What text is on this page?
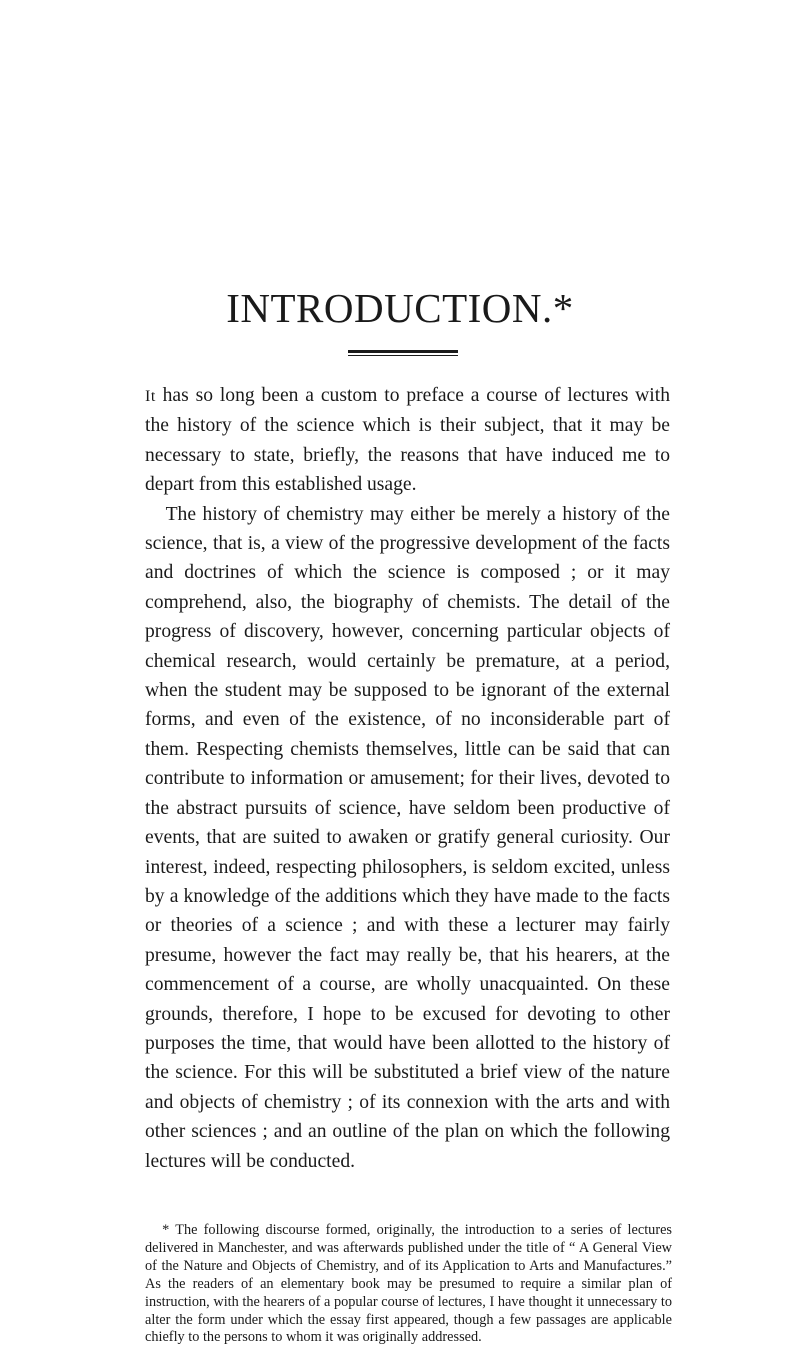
INTRODUCTION.*

It has so long been a custom to preface a course of lectures with the history of the science which is their subject, that it may be necessary to state, briefly, the reasons that have induced me to depart from this established usage.

The history of chemistry may either be merely a history of the science, that is, a view of the progressive development of the facts and doctrines of which the science is composed ; or it may comprehend, also, the biography of chemists. The detail of the progress of discovery, however, concerning particular objects of chemical research, would certainly be premature, at a period, when the student may be supposed to be ignorant of the external forms, and even of the existence, of no inconsiderable part of them. Respecting chemists themselves, little can be said that can contribute to information or amusement; for their lives, devoted to the abstract pursuits of science, have seldom been productive of events, that are suited to awaken or gratify general curiosity. Our interest, indeed, respecting philosophers, is seldom excited, unless by a knowledge of the additions which they have made to the facts or theories of a science ; and with these a lecturer may fairly presume, however the fact may really be, that his hearers, at the commencement of a course, are wholly unacquainted. On these grounds, therefore, I hope to be excused for devoting to other purposes the time, that would have been allotted to the history of the science. For this will be substituted a brief view of the nature and objects of chemistry ; of its connexion with the arts and with other sciences ; and an outline of the plan on which the following lectures will be conducted.

* The following discourse formed, originally, the introduction to a series of lectures delivered in Manchester, and was afterwards published under the title of “ A General View of the Nature and Objects of Chemistry, and of its Application to Arts and Manufactures.” As the readers of an elementary book may be presumed to require a similar plan of instruction, with the hearers of a popular course of lectures, I have thought it unnecessary to alter the form under which the essay first appeared, though a few passages are applicable chiefly to the persons to whom it was originally addressed.
